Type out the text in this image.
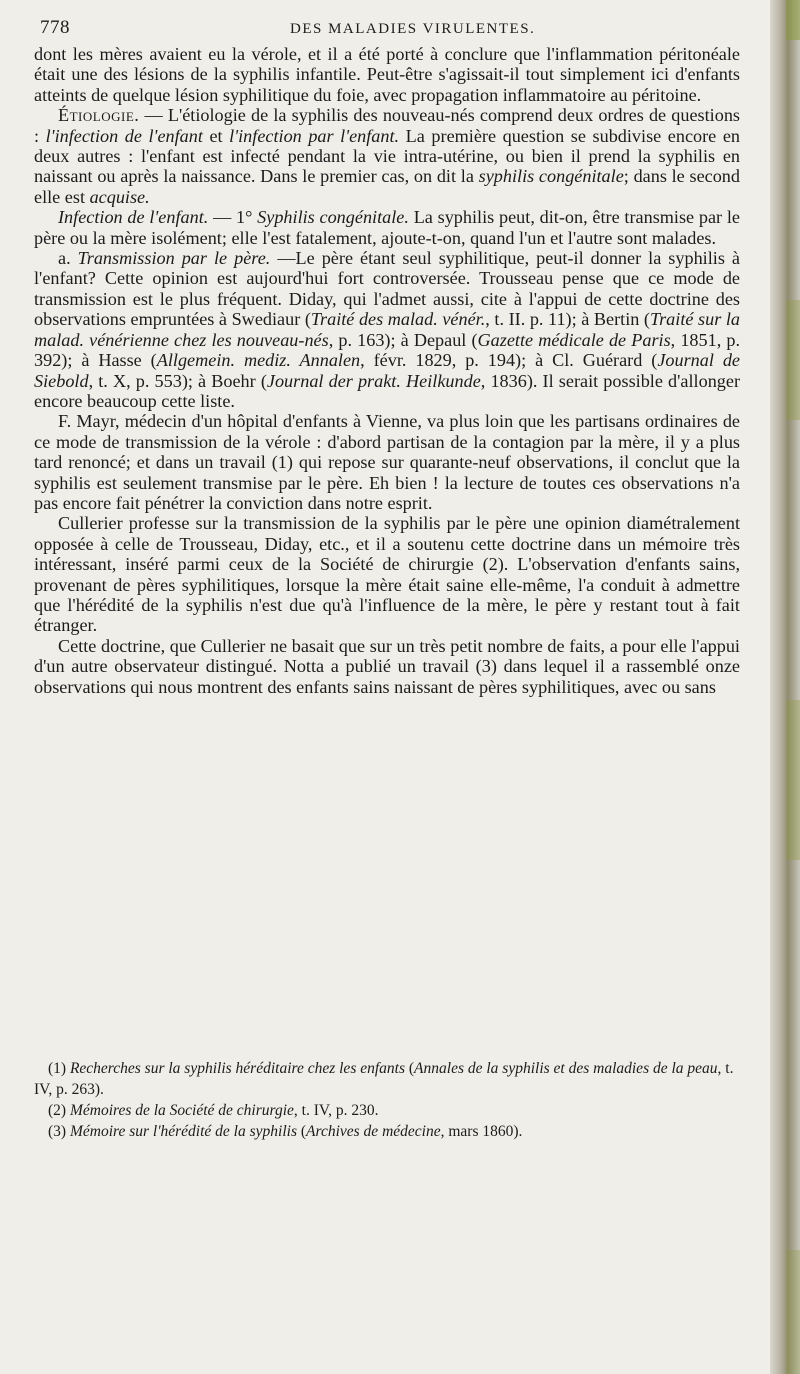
778	DES MALADIES VIRULENTES.

dont les mères avaient eu la vérole, et il a été porté à conclure que l'inflammation péritonéale était une des lésions de la syphilis infantile. Peut-être s'agissait-il tout simplement ici d'enfants atteints de quelque lésion syphilitique du foie, avec propagation inflammatoire au péritoine.

Étiologie. — L'étiologie de la syphilis des nouveau-nés comprend deux ordres de questions : l'infection de l'enfant et l'infection par l'enfant. La première question se subdivise encore en deux autres : l'enfant est infecté pendant la vie intra-utérine, ou bien il prend la syphilis en naissant ou après la naissance. Dans le premier cas, on dit la syphilis congénitale; dans le second elle est acquise.

Infection de l'enfant. — 1° Syphilis congénitale. La syphilis peut, dit-on, être transmise par le père ou la mère isolément; elle l'est fatalement, ajoute-t-on, quand l'un et l'autre sont malades.

a. Transmission par le père. —Le père étant seul syphilitique, peut-il donner la syphilis à l'enfant? Cette opinion est aujourd'hui fort controversée. Trousseau pense que ce mode de transmission est le plus fréquent. Diday, qui l'admet aussi, cite à l'appui de cette doctrine des observations empruntées à Swediaur (Traité des malad. vénér., t. II. p. 11); à Bertin (Traité sur la malad. vénérienne chez les nouveau-nés, p. 163); à Depaul (Gazette médicale de Paris, 1851, p. 392); à Hasse (Allgemein. mediz. Annalen, févr. 1829, p. 194); à Cl. Guérard (Journal de Siebold, t. X, p. 553); à Boehr (Journal der prakt. Heilkunde, 1836). Il serait possible d'allonger encore beaucoup cette liste.

F. Mayr, médecin d'un hôpital d'enfants à Vienne, va plus loin que les partisans ordinaires de ce mode de transmission de la vérole : d'abord partisan de la contagion par la mère, il y a plus tard renoncé; et dans un travail (1) qui repose sur quarante-neuf observations, il conclut que la syphilis est seulement transmise par le père. Eh bien ! la lecture de toutes ces observations n'a pas encore fait pénétrer la conviction dans notre esprit.

Cullerier professe sur la transmission de la syphilis par le père une opinion diamétralement opposée à celle de Trousseau, Diday, etc., et il a soutenu cette doctrine dans un mémoire très intéressant, inséré parmi ceux de la Société de chirurgie (2). L'observation d'enfants sains, provenant de pères syphilitiques, lorsque la mère était saine elle-même, l'a conduit à admettre que l'hérédité de la syphilis n'est due qu'à l'influence de la mère, le père y restant tout à fait étranger.

Cette doctrine, que Cullerier ne basait que sur un très petit nombre de faits, a pour elle l'appui d'un autre observateur distingué. Notta a publié un travail (3) dans lequel il a rassemblé onze observations qui nous montrent des enfants sains naissant de pères syphilitiques, avec ou sans

(1) Recherches sur la syphilis héréditaire chez les enfants (Annales de la syphilis et des maladies de la peau, t. IV, p. 263).

(2) Mémoires de la Société de chirurgie, t. IV, p. 230.

(3) Mémoire sur l'hérédité de la syphilis (Archives de médecine, mars 1860).
